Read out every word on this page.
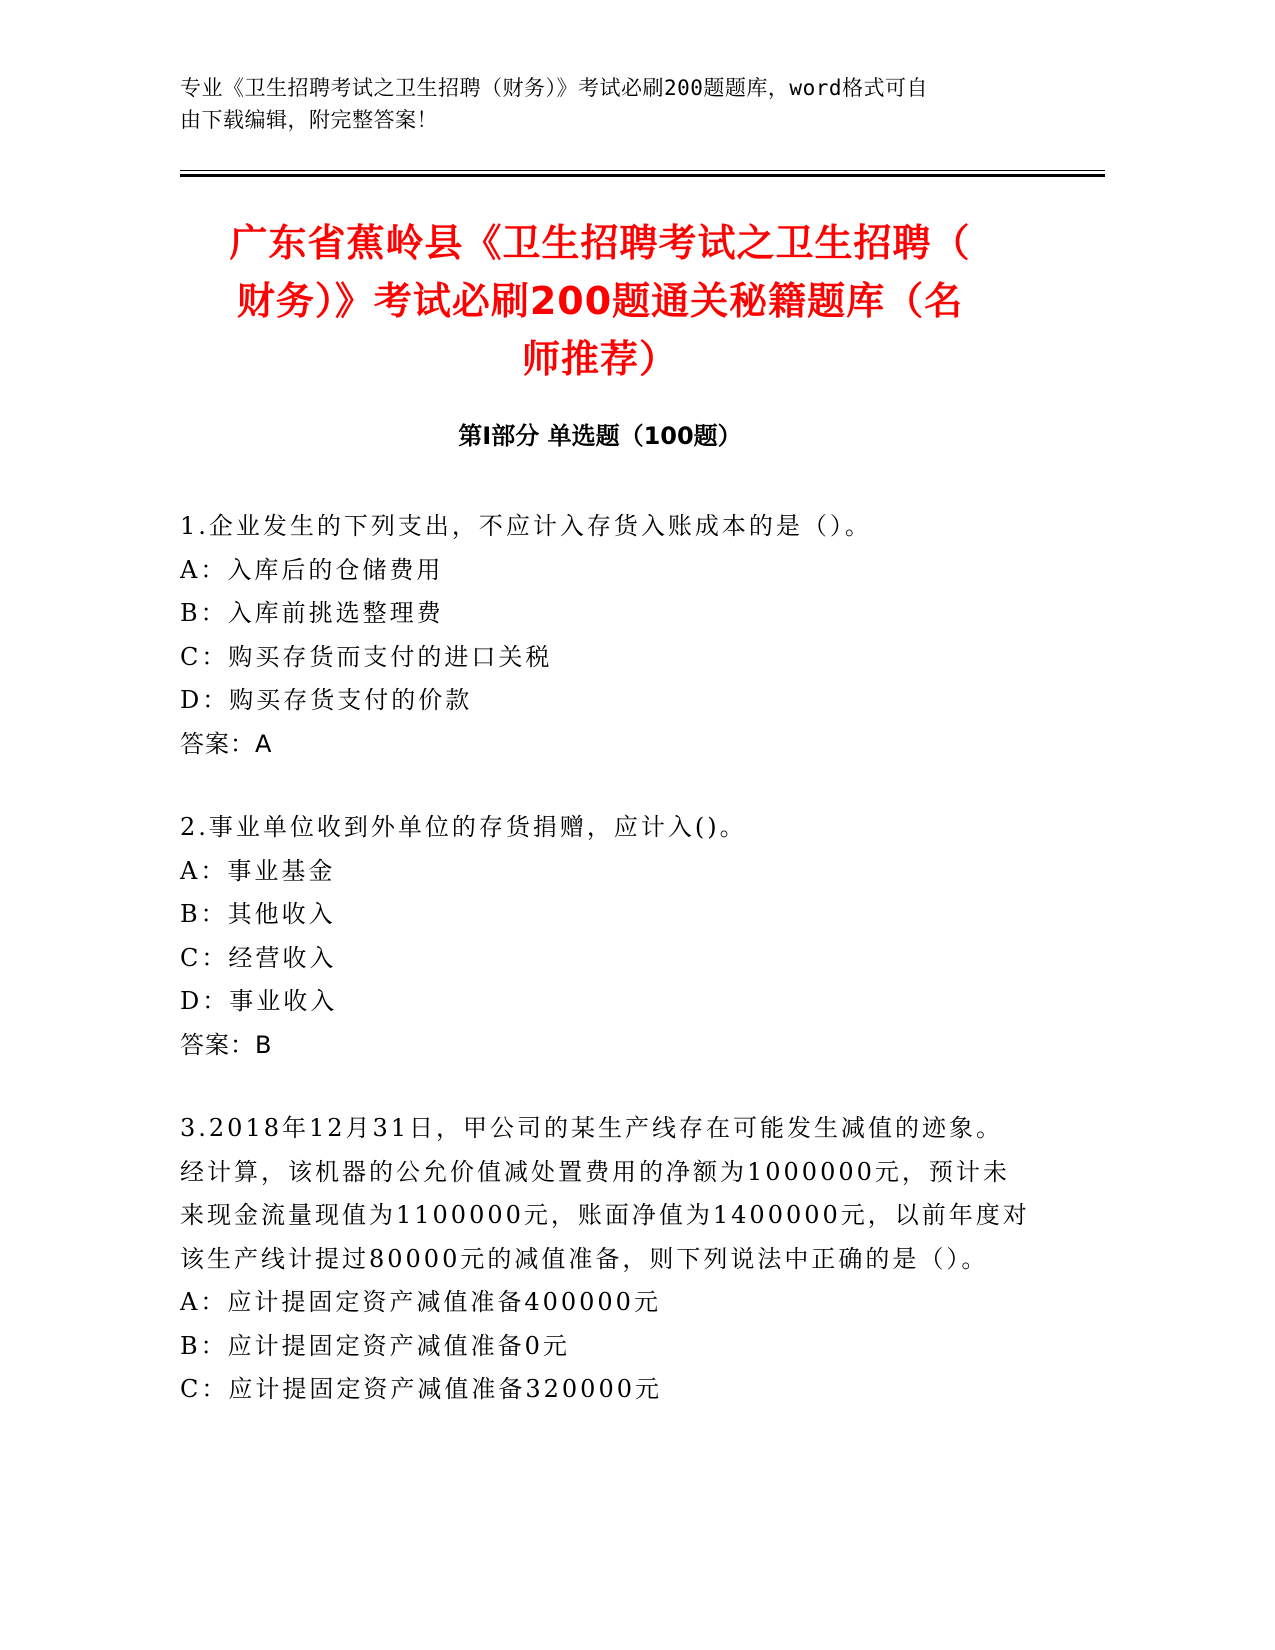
专业《卫生招聘考试之卫生招聘（财务）》考试必刷200题题库，word格式可自
由下载编辑，附完整答案！
广东省蕉岭县《卫生招聘考试之卫生招聘（
财务）》考试必刷200题通关秘籍题库（名
师推荐）
第Ⅰ部分 单选题（100题）
1.企业发生的下列支出，不应计入存货入账成本的是（）。
A：入库后的仓储费用
B：入库前挑选整理费
C：购买存货而支付的进口关税
D：购买存货支付的价款
答案：A
2.事业单位收到外单位的存货捐赠，应计入()。
A：事业基金
B：其他收入
C：经营收入
D：事业收入
答案：B
3.2018年12月31日，甲公司的某生产线存在可能发生减值的迹象。
经计算，该机器的公允价值减处置费用的净额为1000000元，预计未
来现金流量现值为1100000元，账面净值为1400000元，以前年度对
该生产线计提过80000元的减值准备，则下列说法中正确的是（）。
A：应计提固定资产减值准备400000元
B：应计提固定资产减值准备0元
C：应计提固定资产减值准备320000元
